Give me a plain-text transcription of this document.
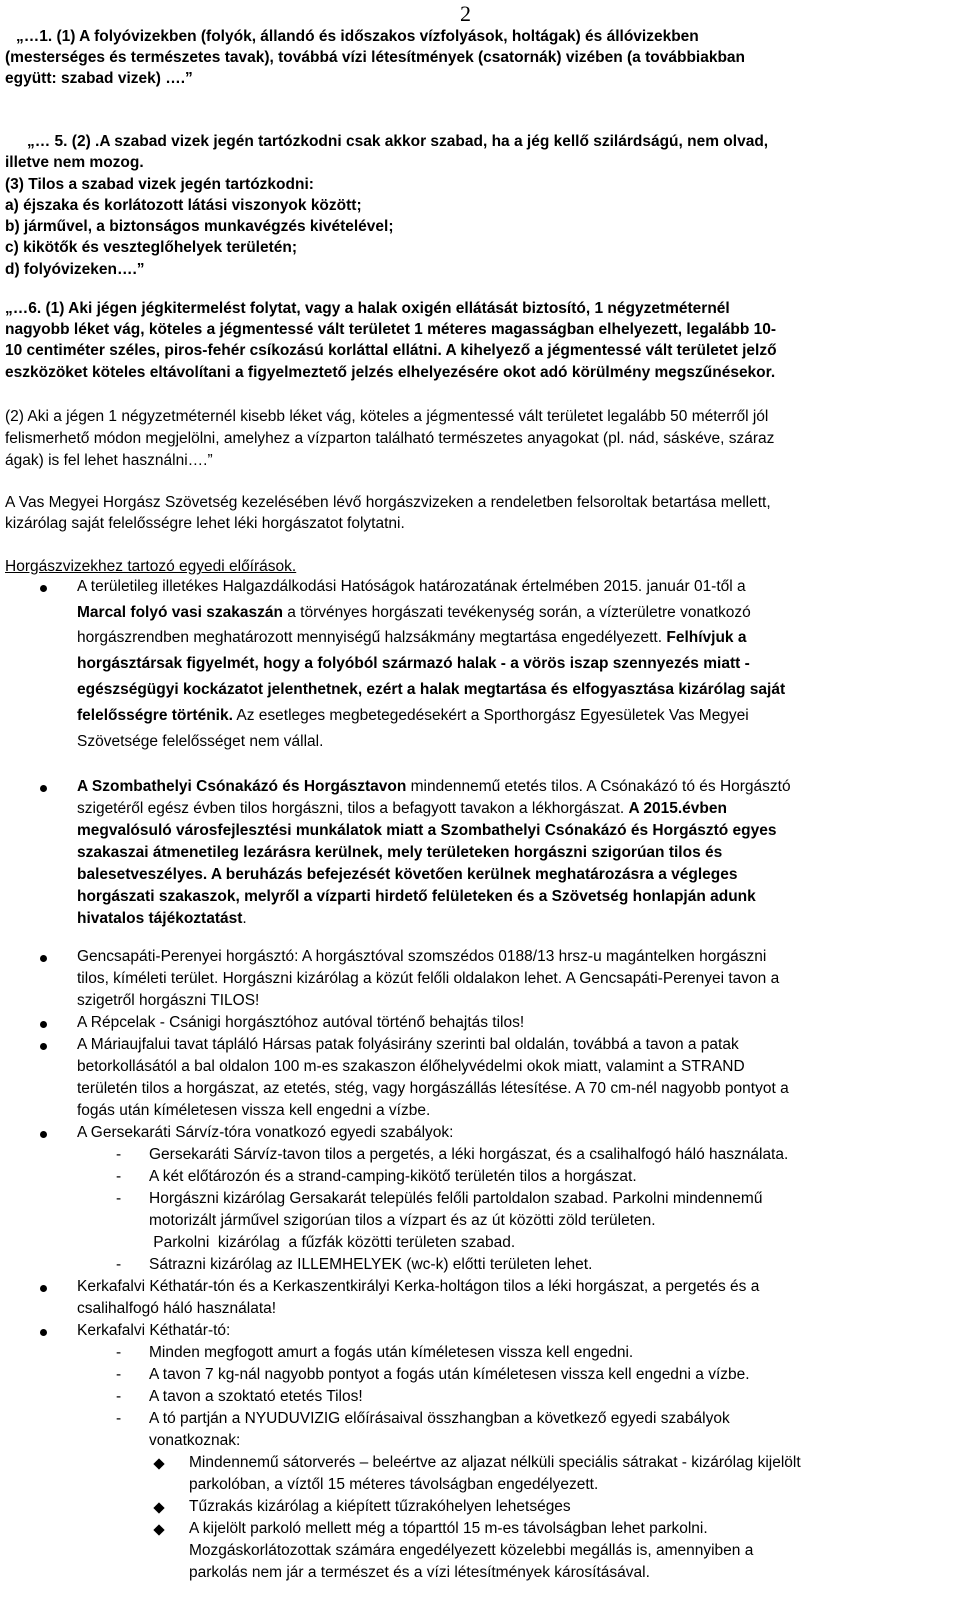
2
„…1. (1) A folyóvizekben (folyók, állandó és időszakos vízfolyások, holtágak) és állóvizekben
(mesterséges és természetes tavak), továbbá vízi létesítmények (csatornák) vizében (a továbbiakban
együtt: szabad vizek) ….”
„… 5. (2) .A szabad vizek jegén tartózkodni csak akkor szabad, ha a jég kellő szilárdságú, nem olvad,
illetve nem mozog.
(3) Tilos a szabad vizek jegén tartózkodni:
a) éjszaka és korlátozott látási viszonyok között;
b) járművel, a biztonságos munkavégzés kivételével;
c) kikötők és veszteglőhelyek területén;
d) folyóvizeken….”
„…6. (1) Aki jégen jégkitermelést folytat, vagy a halak oxigén ellátását biztosító, 1 négyzetméternél
nagyobb léket vág, köteles a jégmentessé vált területet 1 méteres magasságban elhelyezett, legalább 10-
10 centiméter széles, piros-fehér csíkozású korláttal ellátni. A kihelyező a jégmentessé vált területet jelző
eszközöket köteles eltávolítani a figyelmeztető jelzés elhelyezésére okot adó körülmény megszűnésekor.
(2) Aki a jégen 1 négyzetméternél kisebb léket vág, köteles a jégmentessé vált területet legalább 50 méterről jól
felismerhető módon megjelölni, amelyhez a vízparton található természetes anyagokat (pl. nád, sáskéve, száraz
ágak) is fel lehet használni….”
A Vas Megyei Horgász Szövetség kezelésében lévő horgászvizeken a rendeletben felsoroltak betartása mellett,
kizárólag saját felelősségre lehet léki horgászatot folytatni.
Horgászvizekhez tartozó egyedi előírások.
A területileg illetékes Halgazdálkodási Hatóságok határozatának értelmében 2015. január 01-től a
Marcal folyó vasi szakaszán a törvényes horgászati tevékenység során, a vízterületre vonatkozó
horgászrendben meghatározott mennyiségű halzsákmány megtartása engedélyezett. Felhívjuk a
horgásztársak figyelmét, hogy a folyóból származó halak - a vörös iszap szennyezés miatt -
egészségügyi kockázatot jelenthetnek, ezért a halak megtartása és elfogyasztása kizárólag saját
felelősségre történik. Az esetleges megbetegedésekért a Sporthorgász Egyesületek Vas Megyei
Szövetsége felelősséget nem vállal.
A Szombathelyi Csónakázó és Horgásztavon mindennemű etetés tilos. A Csónakázó tó és Horgásztó
szigetéről egész évben tilos horgászni, tilos a befagyott tavakon a lékhorgászat. A 2015.évben
megvalósuló városfejlesztési munkálatok miatt a Szombathelyi Csónakázó és Horgásztó egyes
szakaszai átmenetileg lezárásra kerülnek, mely területeken horgászni szigorúan tilos és
balesetveszélyes. A beruházás befejezését követően kerülnek meghatározásra a végleges
horgászati szakaszok, melyről a vízparti hirdető felületeken és a Szövetség honlapján adunk
hivatalos tájékoztatást.
Gencsapáti-Perenyei horgásztó: A horgásztóval szomszédos 0188/13 hrsz-u magántelken horgászni
tilos, kíméleti terület. Horgászni kizárólag a közút felőli oldalakon lehet. A Gencsapáti-Perenyei tavon a
szigetről horgászni TILOS!
A Répcelak - Csánigi horgásztóhoz autóval történő behajtás tilos!
A Máriaujfalui tavat tápláló Hársas patak folyásirány szerinti bal oldalán, továbbá a tavon a patak
betorkollásától a bal oldalon 100 m-es szakaszon élőhelyvédelmi okok miatt, valamint a STRAND
területén tilos a horgászat, az etetés, stég, vagy horgászállás létesítése. A 70 cm-nél nagyobb pontyot a
fogás után kíméletesen vissza kell engedni a vízbe.
A Gersekaráti Sárvíz-tóra vonatkozó egyedi szabályok:
- Gersekaráti Sárvíz-tavon tilos a pergetés, a léki horgászat, és a csalihalfogó háló használata.
- A két előtározón és a strand-camping-kikötő területén tilos a horgászat.
- Horgászni kizárólag Gersakarát település felőli partoldalon szabad. Parkolni mindennemű
motorizált járművel szigorúan tilos a vízpart és az út közötti zöld területen.
Parkolni  kizárólag  a fűzfák közötti területen szabad.
- Sátrazni kizárólag az ILLEMHELYEK (wc-k) előtti területen lehet.
Kerkafalvi Kéthatár-tón és a Kerkaszentkirályi Kerka-holtágon tilos a léki horgászat, a pergetés és a
csalihalfogó háló használata!
Kerkafalvi Kéthatár-tó:
- Minden megfogott amurt a fogás után kíméletesen vissza kell engedni.
- A tavon 7 kg-nál nagyobb pontyot a fogás után kíméletesen vissza kell engedni a vízbe.
- A tavon a szoktató etetés Tilos!
- A tó partján a NYUDUVIZIG előírásaival összhangban a következő egyedi szabályok
vonatkoznak:
Mindennemű sátorverés – beleértve az aljazat nélküli speciális sátrakat - kizárólag kijelölt
parkolóban, a víztől 15 méteres távolságban engedélyezett.
Tűzrakás kizárólag a kiépített tűzrakóhelyen lehetséges
A kijelölt parkoló mellett még a tóparttól 15 m-es távolságban lehet parkolni.
Mozgáskorlátozottak számára engedélyezett közelebbi megállás is, amennyiben a
parkolás nem jár a természet és a vízi létesítmények károsításával.
